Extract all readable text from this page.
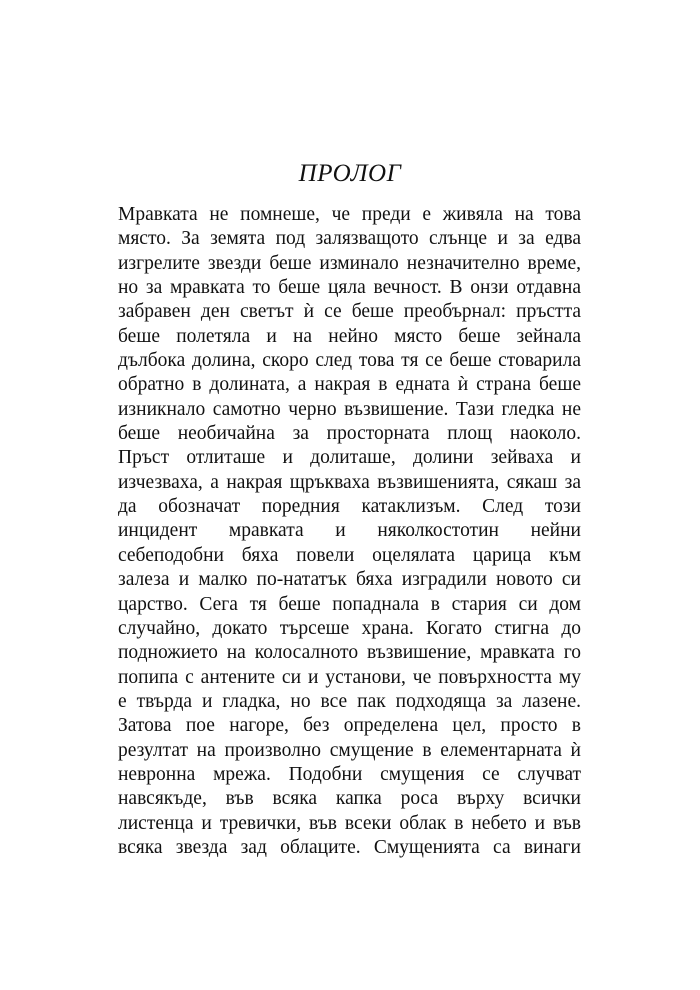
ПРОЛОГ
Мравката не помнеше, че преди е живяла на това
място. За земята под залязващото слънце и за едва
изгрелите звезди беше изминало незначително време,
но за мравката то беше цяла вечност. В онзи отдавна
забравен ден светът ѝ се беше преобърнал: пръстта
беше полетяла и на нейно място беше зейнала
дълбока долина, скоро след това тя се беше стоварила
обратно в долината, а накрая в едната ѝ страна беше
изникнало самотно черно възвишение. Тази гледка не
беше необичайна за просторната площ наоколо.
Пръст отлиташе и долиташе, долини зейваха и
изчезваха, а накрая щръкваха възвишенията, сякаш за
да обозначат поредния катаклизъм. След този
инцидент мравката и няколкостотин нейни
себеподобни бяха повели оцелялата царица към
залеза и малко по-нататък бяха изградили новото си
царство. Сега тя беше попаднала в стария си дом
случайно, докато търсеше храна. Когато стигна до
подножието на колосалното възвишение, мравката го
попипа с антените си и установи, че повърхността му
е твърда и гладка, но все пак подходяща за лазене.
Затова пое нагоре, без определена цел, просто в
резултат на произволно смущение в елементарната ѝ
невронна мрежа. Подобни смущения се случват
навсякъде, във всяка капка роса върху всички
листенца и тревички, във всеки облак в небето и във
всяка звезда зад облаците. Смущенията са винаги
